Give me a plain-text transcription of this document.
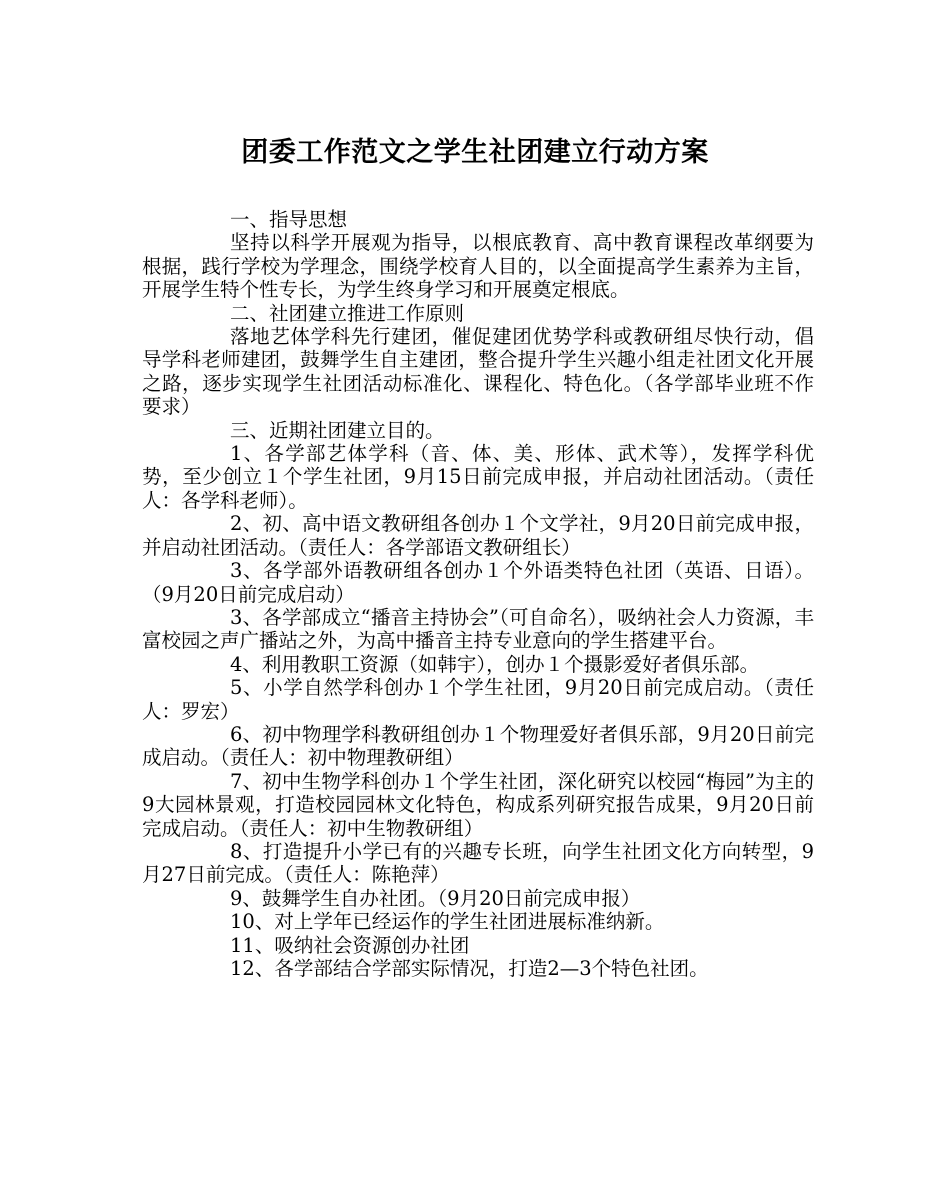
团委工作范文之学生社团建立行动方案

一、指导思想

坚持以科学开展观为指导，以根底教育、高中教育课程改革纲要为根据，践行学校为学理念，围绕学校育人目的，以全面提高学生素养为主旨，开展学生特个性专长，为学生终身学习和开展奠定根底。

二、社团建立推进工作原则

落地艺体学科先行建团，催促建团优势学科或教研组尽快行动，倡导学科老师建团，鼓舞学生自主建团，整合提升学生兴趣小组走社团文化开展之路，逐步实现学生社团活动标准化、课程化、特色化。（各学部毕业班不作要求）

三、近期社团建立目的。

1、各学部艺体学科（音、体、美、形体、武术等），发挥学科优势，至少创立１个学生社团，9月15日前完成申报，并启动社团活动。（责任人：各学科老师）。

2、初、高中语文教研组各创办１个文学社，9月20日前完成申报，并启动社团活动。（责任人：各学部语文教研组长）

3、各学部外语教研组各创办１个外语类特色社团（英语、日语）。（9月20日前完成启动）

3、各学部成立“播音主持协会”（可自命名），吸纳社会人力资源，丰富校园之声广播站之外，为高中播音主持专业意向的学生搭建平台。

4、利用教职工资源（如韩宇），创办１个摄影爱好者俱乐部。

5、小学自然学科创办１个学生社团，9月20日前完成启动。（责任人：罗宏）

6、初中物理学科教研组创办１个物理爱好者俱乐部，9月20日前完成启动。（责任人：初中物理教研组）

7、初中生物学科创办１个学生社团，深化研究以校园“梅园”为主的9大园林景观，打造校园园林文化特色，构成系列研究报告成果，9月20日前完成启动。（责任人：初中生物教研组）

8、打造提升小学已有的兴趣专长班，向学生社团文化方向转型，9月27日前完成。（责任人：陈艳萍）

9、鼓舞学生自办社团。（9月20日前完成申报）

10、对上学年已经运作的学生社团进展标准纳新。

11、吸纳社会资源创办社团

12、各学部结合学部实际情况，打造2—3个特色社团。
